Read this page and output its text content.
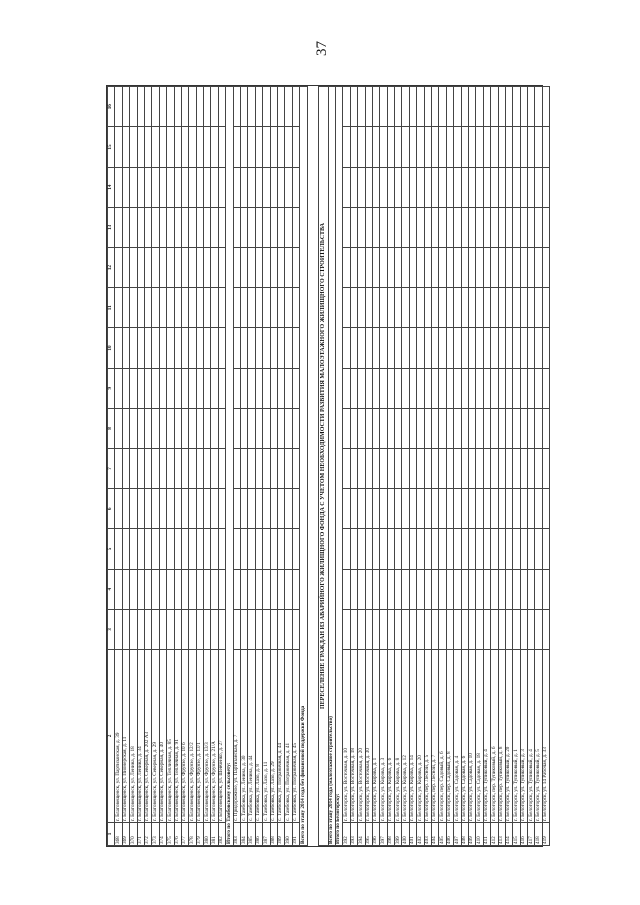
37
1	2	3	4	5	6	7	8	9	10	11	12	13	14	15	16
368	г. Благовещенск, ул. Партизанская, д. 39														
369	г. Благовещенск, ул. Пионерская, д. 11														
370	г. Благовещенск, ул. Ленина, д. 18														
371	г. Благовещенск, ул. Ленина, д. 34														
372	г. Благовещенск, ул. Северная, д. 202 А3														
373	г. Благовещенск, ул. Северная, д. 29														
374	г. Благовещенск, ул. Северная, д. 40														
375	г. Благовещенск, ул. Тепличная, д. 85														
376	г. Благовещенск, ул. Тепличная, д. 91														
377	г. Благовещенск, ул. Фрунзе, д. 10 б														
378	г. Благовещенск, ул. Фрунзе, д. 12/2														
379	г. Благовещенск, ул. Фрунзе, д. 13/1														
380	г. Благовещенск, ул. Фрунзе, д. 13/3														
381	г. Благовещенск, ул. Фрунзе, д. 21/А														
382	г. Благовещенск, ул. Шевченко, д. 27														
Итого по Тамбовскому сельсовету:															
383	с. Придорожное, ул. Партизанская, д. 7														
384	с. Тамбовка, ул. Ленина, д. 30														
385	с. Тамбовка, ул. Ленина, д. 44														
386	с. Тамбовка, ул. Лазо, д. 8														
387	с. Тамбовка, ул. Лазо, д. 11														
388	с. Тамбовка, ул. Лазо, д. 29														
389	с. Тамбовка, ул. Пограничная, д. 44														
390	с. Тамбовка, ул. Пограничная, д. 41														
391	с. Тамбовка, ул. Пограничная, д. 45														
Всего по этапу 2014 года без финансовой поддержки Фонда															

ПЕРЕСЕЛЕНИЕ ГРАЖДАН ИЗ АВАРИЙНОГО ЖИЛИЩНОГО ФОНДА С УЧЕТОМ НЕОБХОДИМОСТИ РАЗВИТИЯ МАЛОЭТАЖНОГО ЖИЛИЩНОГО СТРОИТЕЛЬСТВА															
Всего по этапу 2014 года (малоэтажное строительство)															
Итого по Белогорску:															
392	г. Белогорск, ул. Восточная, д. 10														
393	г. Белогорск, ул. Восточная, д. 18														
394	г. Белогорск, ул. Восточная, д. 20														
395	г. Белогорск, ул. Восточная, д. 30														
396	г. Белогорск, ул. Кирова, д. 1														
397	г. Белогорск, ул. Кирова, д. 3														
398	г. Белогорск, ул. Кирова, д. 6														
399	г. Белогорск, ул. Кирова, д. 8														
400	г. Белогорск, ул. Кирова, д. 12														
401	г. Белогорск, ул. Кирова, д. 14														
402	г. Белогорск, ул. Кирова, д. 20														
403	г. Белогорск, пер. Лесной, д. 5														
404	г. Белогорск, пер. Лесной, д. 7														
405	г. Белогорск, пер. Садовый, д. 6														
406	г. Белогорск, пер. Садовый, д. 8														
407	г. Белогорск, ул. Садовая, д. 4														
408	г. Белогорск, ул. Садовая, д. 6														
409	г. Белогорск, ул. Садовая, д. 10														
410	г. Белогорск, ул. Садовая, д. 18														
411	г. Белогорск, ул. Тупиковый, д. 4														
412	г. Белогорск, пер. Тупиковый, д. 6														
413	г. Белогорск, пер. Тупиковый, д. 8														
414	г. Белогорск, ул. Тупиковый, д. 20														
415	г. Белогорск, ул. Тупиковый, д. 1														
416	г. Белогорск, ул. Тупиковый, д. 3														
417	г. Белогорск, ул. Тупиковый, д. 4														
418	г. Белогорск, ул. Тупиковый, д. 5														
419	г. Белогорск, ул. 14 Рабочая, д. 33														
